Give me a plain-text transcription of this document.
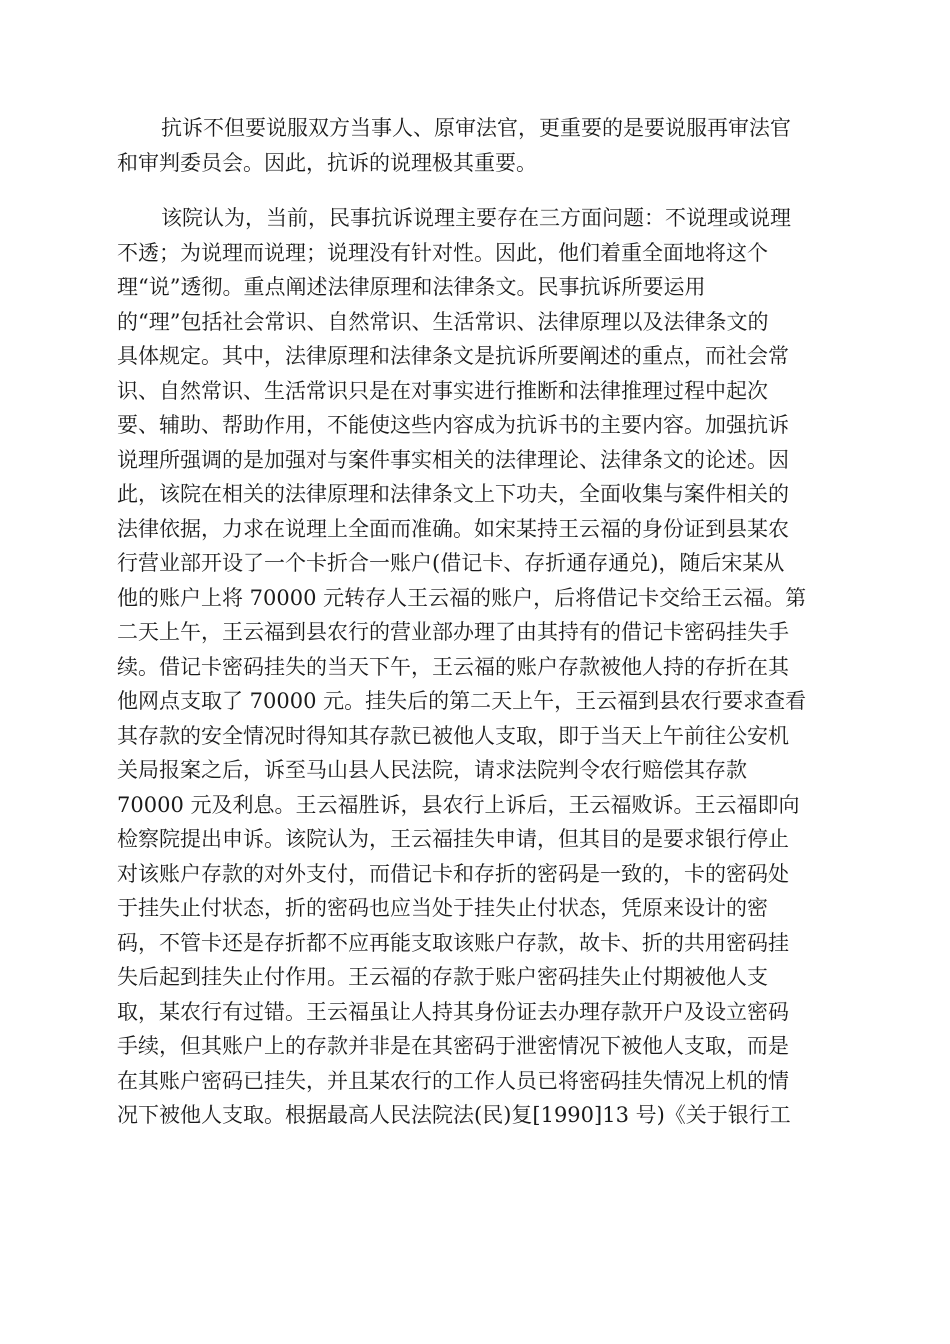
抗诉不但要说服双方当事人、原审法官，更重要的是要说服再审法官
和审判委员会。因此，抗诉的说理极其重要。
该院认为，当前，民事抗诉说理主要存在三方面问题：不说理或说理
不透；为说理而说理；说理没有针对性。因此，他们着重全面地将这个
理“说”透彻。重点阐述法律原理和法律条文。民事抗诉所要运用
的“理”包括社会常识、自然常识、生活常识、法律原理以及法律条文的
具体规定。其中，法律原理和法律条文是抗诉所要阐述的重点，而社会常
识、自然常识、生活常识只是在对事实进行推断和法律推理过程中起次
要、辅助、帮助作用，不能使这些内容成为抗诉书的主要内容。加强抗诉
说理所强调的是加强对与案件事实相关的法律理论、法律条文的论述。因
此，该院在相关的法律原理和法律条文上下功夫，全面收集与案件相关的
法律依据，力求在说理上全面而准确。如宋某持王云福的身份证到县某农
行营业部开设了一个卡折合一账户(借记卡、存折通存通兑)，随后宋某从
他的账户上将 70000 元转存人王云福的账户，后将借记卡交给王云福。第
二天上午，王云福到县农行的营业部办理了由其持有的借记卡密码挂失手
续。借记卡密码挂失的当天下午，王云福的账户存款被他人持的存折在其
他网点支取了 70000 元。挂失后的第二天上午，王云福到县农行要求查看
其存款的安全情况时得知其存款已被他人支取，即于当天上午前往公安机
关局报案之后，诉至马山县人民法院，请求法院判令农行赔偿其存款
70000 元及利息。王云福胜诉，县农行上诉后，王云福败诉。王云福即向
检察院提出申诉。该院认为，王云福挂失申请，但其目的是要求银行停止
对该账户存款的对外支付，而借记卡和存折的密码是一致的，卡的密码处
于挂失止付状态，折的密码也应当处于挂失止付状态，凭原来设计的密
码，不管卡还是存折都不应再能支取该账户存款，故卡、折的共用密码挂
失后起到挂失止付作用。王云福的存款于账户密码挂失止付期被他人支
取，某农行有过错。王云福虽让人持其身份证去办理存款开户及设立密码
手续，但其账户上的存款并非是在其密码于泄密情况下被他人支取，而是
在其账户密码已挂失，并且某农行的工作人员已将密码挂失情况上机的情
况下被他人支取。根据最高人民法院法(民)复[1990]13 号)《关于银行工
